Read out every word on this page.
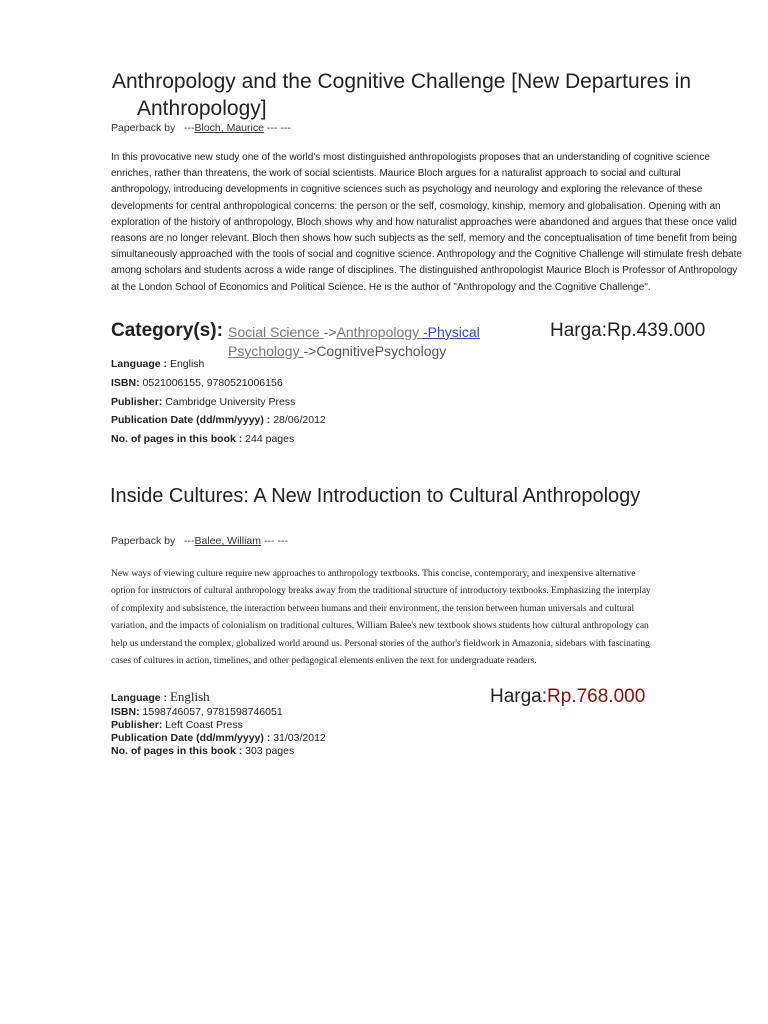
Anthropology and the Cognitive Challenge [New Departures in Anthropology]
Paperback by ---Bloch, Maurice --- ---

In this provocative new study one of the world's most distinguished anthropologists proposes that an understanding of cognitive science enriches, rather than threatens, the work of social scientists. Maurice Bloch argues for a naturalist approach to social and cultural anthropology, introducing developments in cognitive sciences such as psychology and neurology and exploring the relevance of these developments for central anthropological concerns: the person or the self, cosmology, kinship, memory and globalisation. Opening with an exploration of the history of anthropology, Bloch shows why and how naturalist approaches were abandoned and argues that these once valid reasons are no longer relevant. Bloch then shows how such subjects as the self, memory and the conceptualisation of time benefit from being simultaneously approached with the tools of social and cognitive science. Anthropology and the Cognitive Challenge will stimulate fresh debate among scholars and students across a wide range of disciplines. The distinguished anthropologist Maurice Bloch is Professor of Anthropology at the London School of Economics and Political Science. He is the author of "Anthropology and the Cognitive Challenge".

Category(s): Social Science ->Anthropology -Physical
Psychology ->CognitivePsychology
Harga:Rp.439.000
Language : English
ISBN: 0521006155, 9780521006156
Publisher: Cambridge University Press
Publication Date (dd/mm/yyyy) : 28/06/2012
No. of pages in this book : 244 pages
Inside Cultures: A New Introduction to Cultural Anthropology
Paperback by ---Balee, William --- ---

New ways of viewing culture require new approaches to anthropology textbooks. This concise, contemporary, and inexpensive alternative option for instructors of cultural anthropology breaks away from the traditional structure of introductory textbooks. Emphasizing the interplay of complexity and subsistence, the interaction between humans and their environment, the tension between human universals and cultural variation, and the impacts of colonialism on traditional cultures, William Balee's new textbook shows students how cultural anthropology can help us understand the complex, globalized world around us. Personal stories of the author's fieldwork in Amazonia, sidebars with fascinating cases of cultures in action, timelines, and other pedagogical elements enliven the text for undergraduate readers.

Harga:Rp.768.000
Language : English
ISBN: 1598746057, 9781598746051
Publisher: Left Coast Press
Publication Date (dd/mm/yyyy) : 31/03/2012
No. of pages in this book : 303 pages
